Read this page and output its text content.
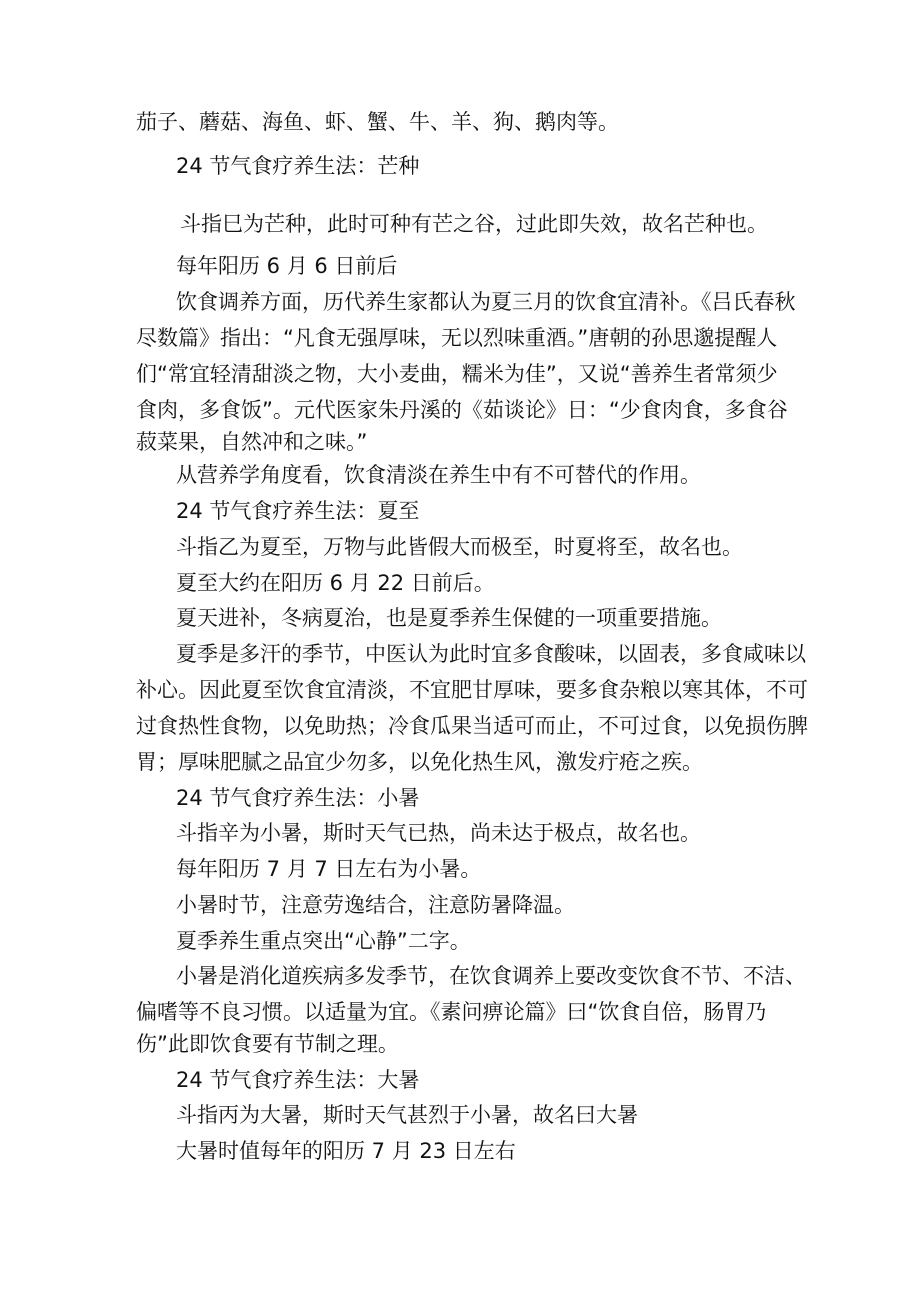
茄子、蘑菇、海鱼、虾、蟹、牛、羊、狗、鹅肉等。
24 节气食疗养生法：芒种
斗指巳为芒种，此时可种有芒之谷，过此即失效，故名芒种也。
每年阳历 6 月 6 日前后
饮食调养方面，历代养生家都认为夏三月的饮食宜清补。《吕氏春秋
尽数篇》指出：“凡食无强厚味，无以烈味重酒。”唐朝的孙思邈提醒人
们“常宜轻清甜淡之物，大小麦曲，糯米为佳”，又说“善养生者常须少
食肉，多食饭”。元代医家朱丹溪的《茹谈论》日：“少食肉食，多食谷
菽菜果，自然冲和之味。”
从营养学角度看，饮食清淡在养生中有不可替代的作用。
24 节气食疗养生法：夏至
斗指乙为夏至，万物与此皆假大而极至，时夏将至，故名也。
夏至大约在阳历 6 月 22 日前后。
夏天进补，冬病夏治，也是夏季养生保健的一项重要措施。
夏季是多汗的季节，中医认为此时宜多食酸味，以固表，多食咸味以
补心。因此夏至饮食宜清淡，不宜肥甘厚味，要多食杂粮以寒其体，不可
过食热性食物，以免助热；冷食瓜果当适可而止，不可过食，以免损伤脾
胃；厚味肥腻之品宜少勿多，以免化热生风，激发疔疮之疾。
24 节气食疗养生法：小暑
斗指辛为小暑，斯时天气已热，尚未达于极点，故名也。
每年阳历 7 月 7 日左右为小暑。
小暑时节，注意劳逸结合，注意防暑降温。
夏季养生重点突出“心静”二字。
小暑是消化道疾病多发季节，在饮食调养上要改变饮食不节、不洁、
偏嗜等不良习惯。以适量为宜。《素问痹论篇》曰“饮食自倍，肠胃乃
伤”此即饮食要有节制之理。
24 节气食疗养生法：大暑
斗指丙为大暑，斯时天气甚烈于小暑，故名曰大暑
大暑时值每年的阳历 7 月 23 日左右
